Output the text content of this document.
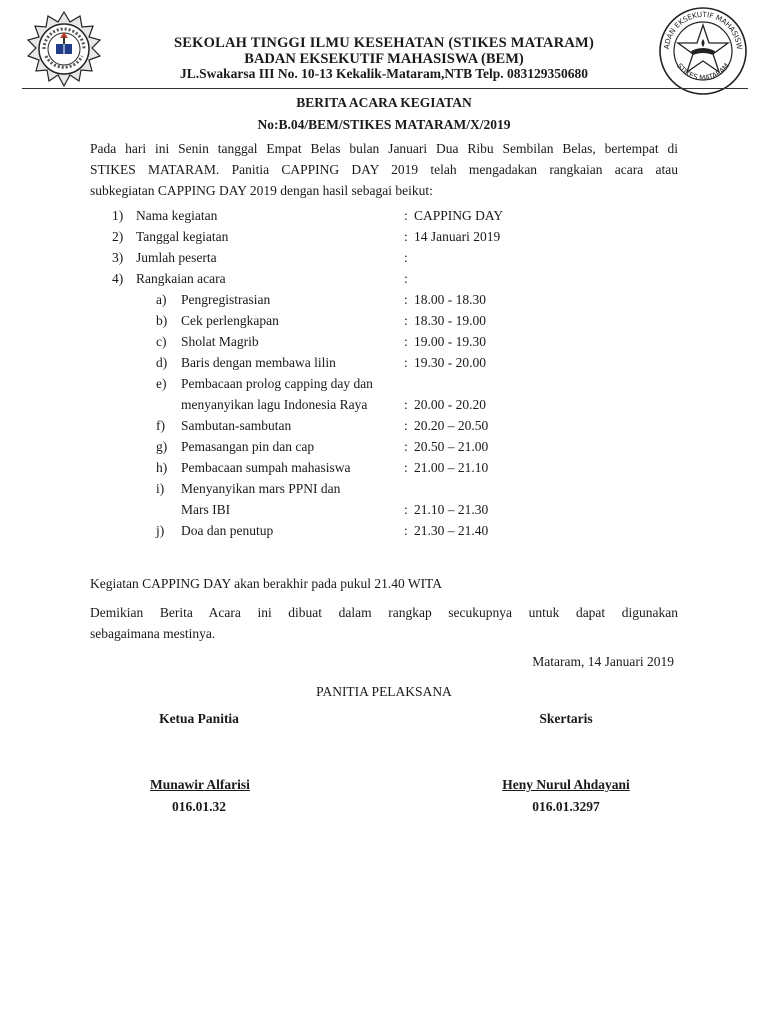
ADAN EKSEKUTIF MAHASISW
STIKES MATARAM
SEKOLAH TINGGI ILMU KESEHATAN (STIKES MATARAM)
BADAN EKSEKUTIF MAHASISWA (BEM)
JL.Swakarsa III No. 10-13 Kekalik-Mataram,NTB Telp. 083129350680
BERITA ACARA KEGIATAN
No:B.04/BEM/STIKES MATARAM/X/2019
Pada hari ini Senin tanggal Empat Belas bulan Januari Dua Ribu Sembilan Belas, bertempat di
STIKES MATARAM. Panitia CAPPING DAY 2019 telah mengadakan rangkaian acara atau
subkegiatan CAPPING DAY 2019 dengan hasil sebagai beikut:
1) Nama kegiatan	: CAPPING DAY
2) Tanggal kegiatan	: 14 Januari 2019
3) Jumlah peserta	:
4) Rangkaian acara	:
a) Pengregistrasian	: 18.00 - 18.30
b) Cek perlengkapan	: 18.30 - 19.00
c) Sholat Magrib	: 19.00 - 19.30
d) Baris dengan membawa lilin	: 19.30 - 20.00
e) Pembacaan prolog capping day dan
menyanyikan lagu Indonesia Raya	: 20.00 - 20.20
f) Sambutan-sambutan	: 20.20 – 20.50
g) Pemasangan pin dan cap	: 20.50 – 21.00
h) Pembacaan sumpah mahasiswa	: 21.00 – 21.10
i) Menyanyikan mars PPNI dan
Mars IBI	: 21.10 – 21.30
j) Doa dan penutup	: 21.30 – 21.40
Kegiatan CAPPING DAY akan berakhir pada pukul 21.40 WITA
Demikian Berita Acara ini dibuat dalam rangkap secukupnya untuk dapat digunakan
sebagaimana mestinya.
Mataram, 14 Januari 2019
PANITIA PELAKSANA
Ketua Panitia	Skertaris
Munawir Alfarisi	Heny Nurul Ahdayani
016.01.32	016.01.3297
